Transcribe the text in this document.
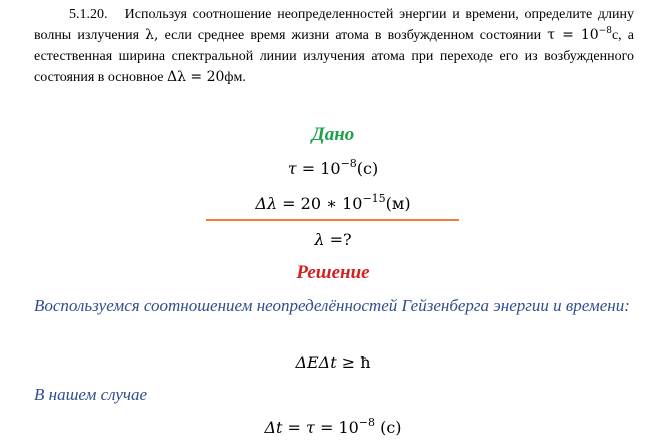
5.1.20. Используя соотношение неопределенностей энергии и времени, определите длину
волны излучения λ, если среднее время жизни атома в возбужденном состоянии $\tau = 10^{-8}с$, а
естественная ширина спектральной линии излучения атома при переходе его из возбужденного
состояния в основное Δλ = 20фм.
Дано
$\tau = 10^{-8}(с)$
Δλ = 20 ∗ $10^{-15}(м)$
λ =?
Решение
Воспользуемся соотношением неопределённостей Гейзенберга энергии и времени:
ΔEΔt ≥ ħ
В нашем случае
$\Delta t = \tau = 10^{-8}$ (c)
